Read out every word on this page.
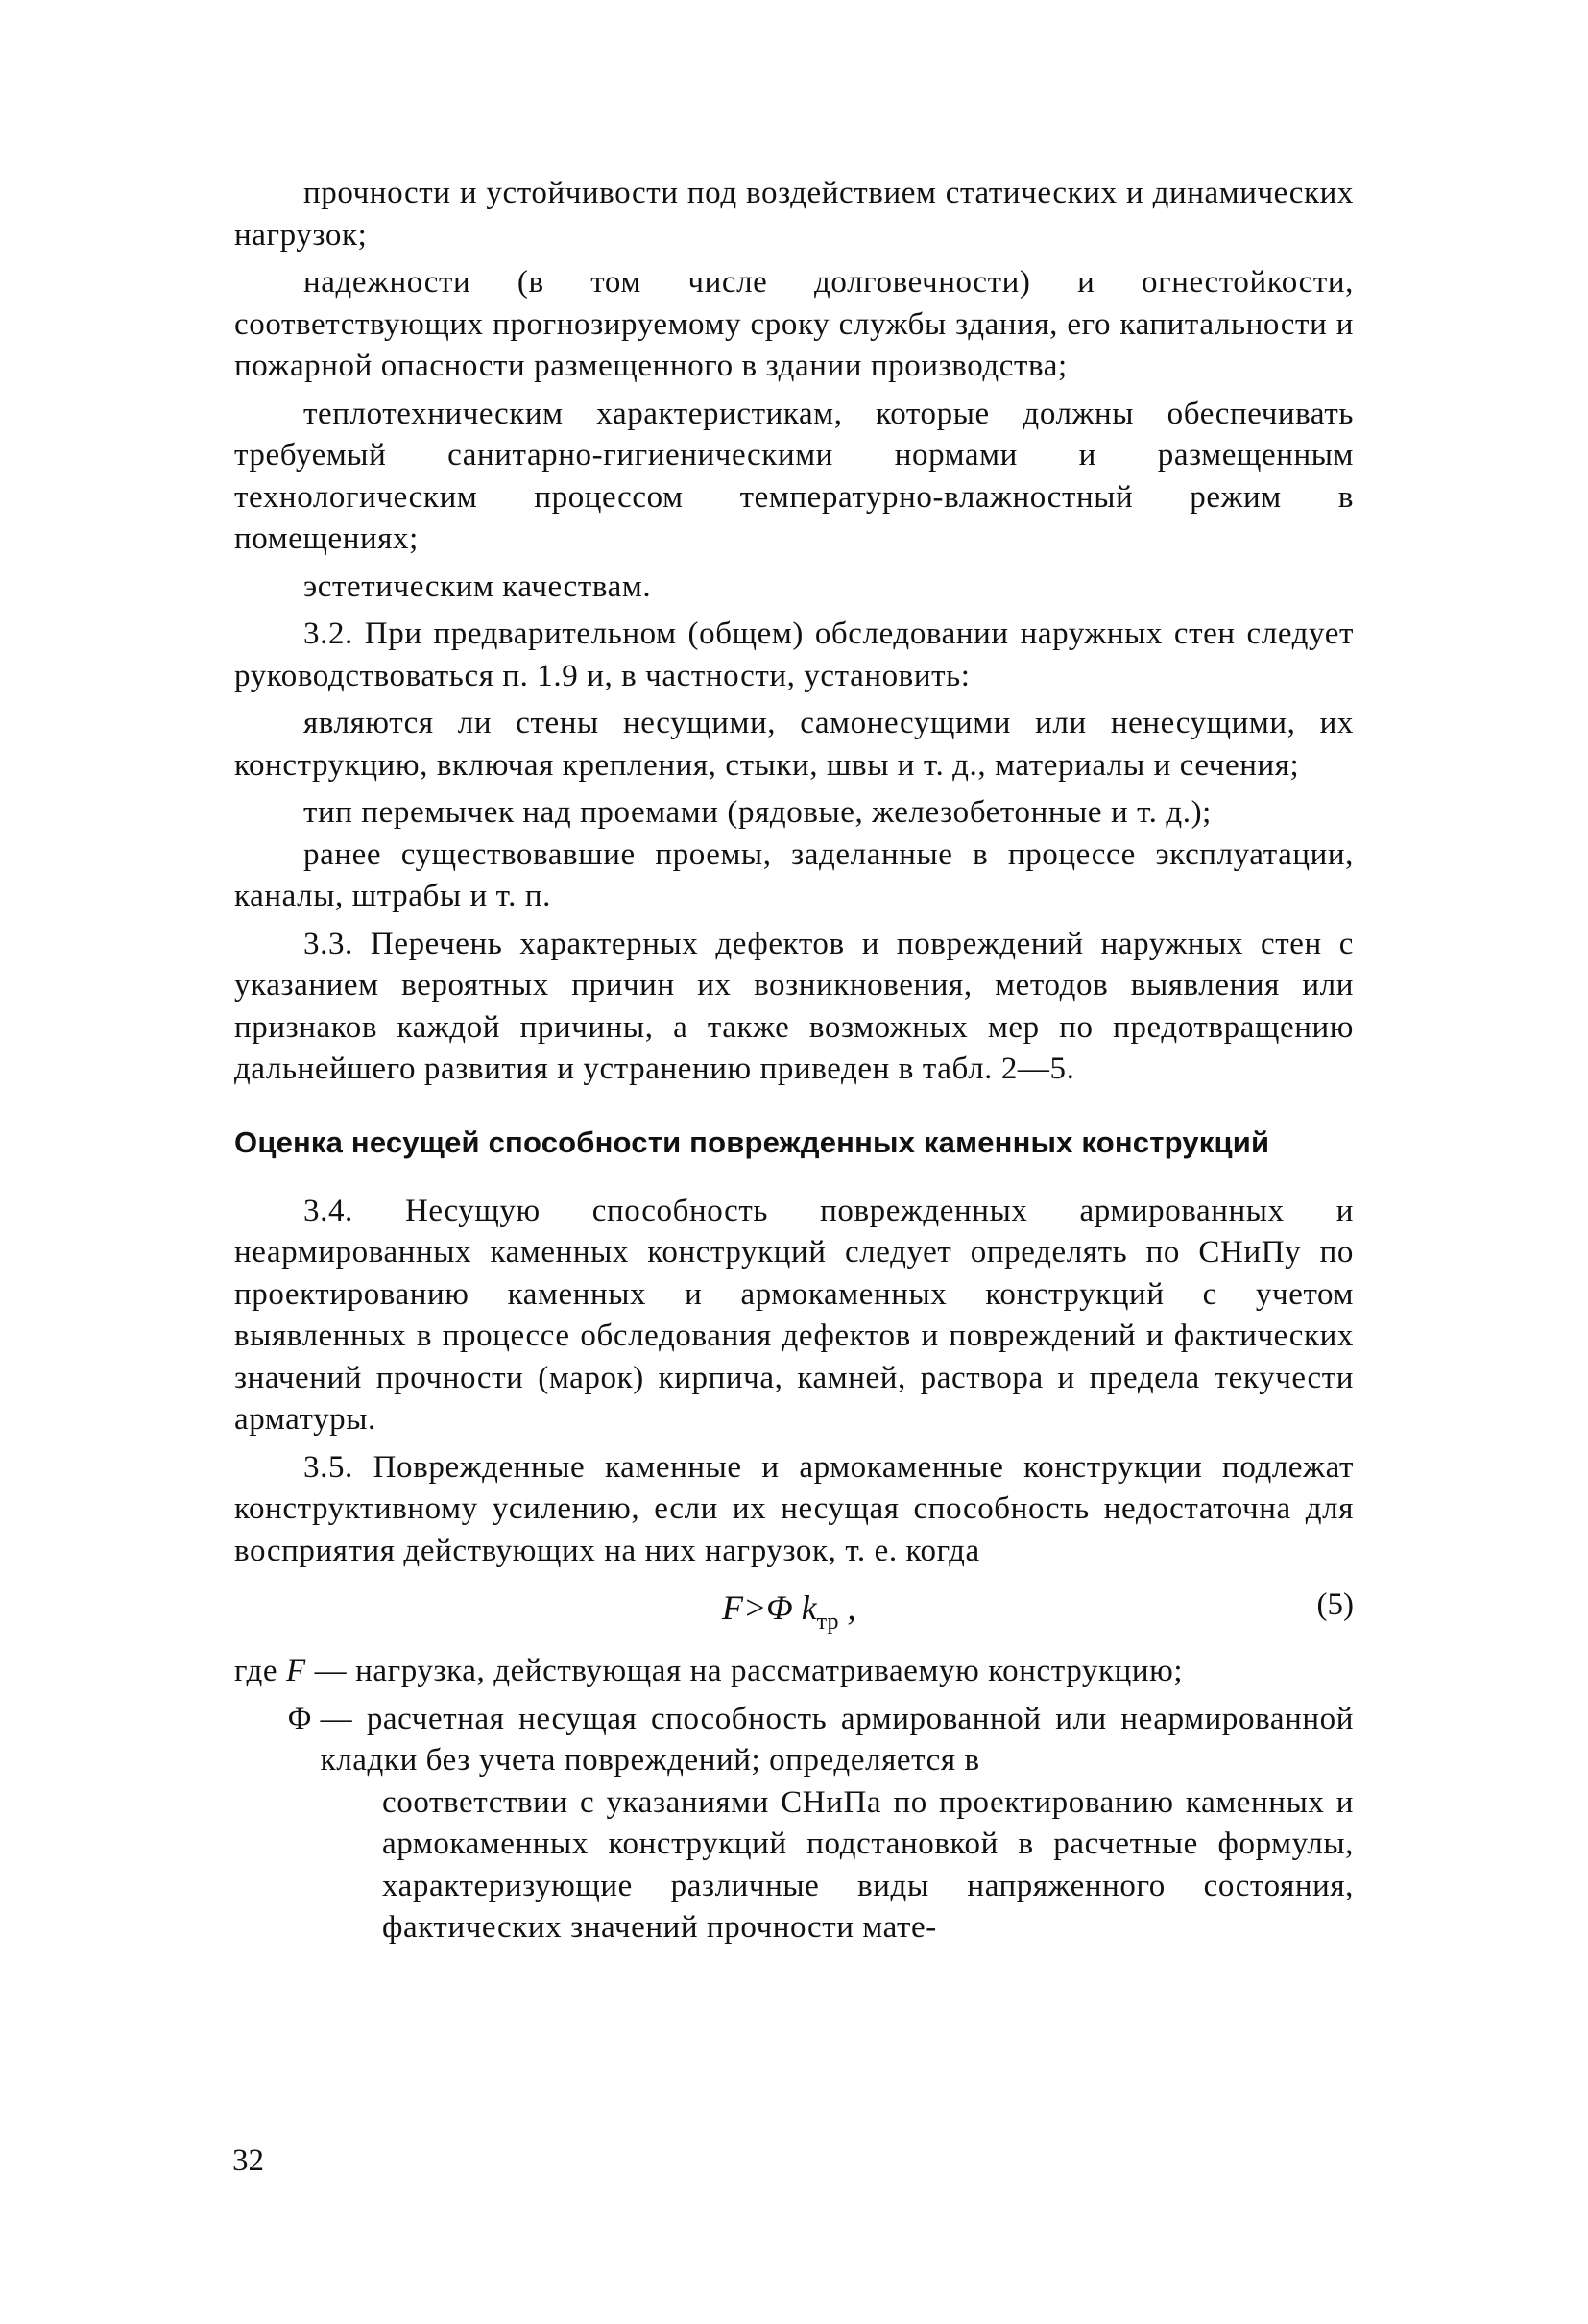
прочности и устойчивости под воздействием статических и динамических нагрузок;

надежности (в том числе долговечности) и огнестойкости, соответствующих прогнозируемому сроку службы здания, его капитальности и пожарной опасности размещенного в здании производства;

теплотехническим характеристикам, которые должны обеспечивать требуемый санитарно-гигиеническими нормами и размещенным технологическим процессом температурно-влажностный режим в помещениях;

эстетическим качествам.

3.2. При предварительном (общем) обследовании наружных стен следует руководствоваться п. 1.9 и, в частности, установить:

являются ли стены несущими, самонесущими или ненесущими, их конструкцию, включая крепления, стыки, швы и т. д., материалы и сечения;

тип перемычек над проемами (рядовые, железобетонные и т. д.);

ранее существовавшие проемы, заделанные в процессе эксплуатации, каналы, штрабы и т. п.

3.3. Перечень характерных дефектов и повреждений наружных стен с указанием вероятных причин их возникновения, методов выявления или признаков каждой причины, а также возможных мер по предотвращению дальнейшего развития и устранению приведен в табл. 2—5.

Оценка несущей способности поврежденных каменных конструкций

3.4. Несущую способность поврежденных армированных и неармированных каменных конструкций следует определять по СНиПу по проектированию каменных и армокаменных конструкций с учетом выявленных в процессе обследования дефектов и повреждений и фактических значений прочности (марок) кирпича, камней, раствора и предела текучести арматуры.

3.5. Поврежденные каменные и армокаменные конструкции подлежат конструктивному усилению, если их несущая способность недостаточна для восприятия действующих на них нагрузок, т. е. когда

F>Φ $k_{тр}$ ,	(5)
где F — нагрузка, действующая на рассматриваемую конструкцию;
Φ
— расчетная несущая способность армированной или неармированной кладки без учета повреждений; определяется в

соответствии с указаниями СНиПа по проектированию каменных и армокаменных конструкций подстановкой в расчетные формулы, характеризующие различные виды напряженного состояния, фактических значений прочности мате-

32
